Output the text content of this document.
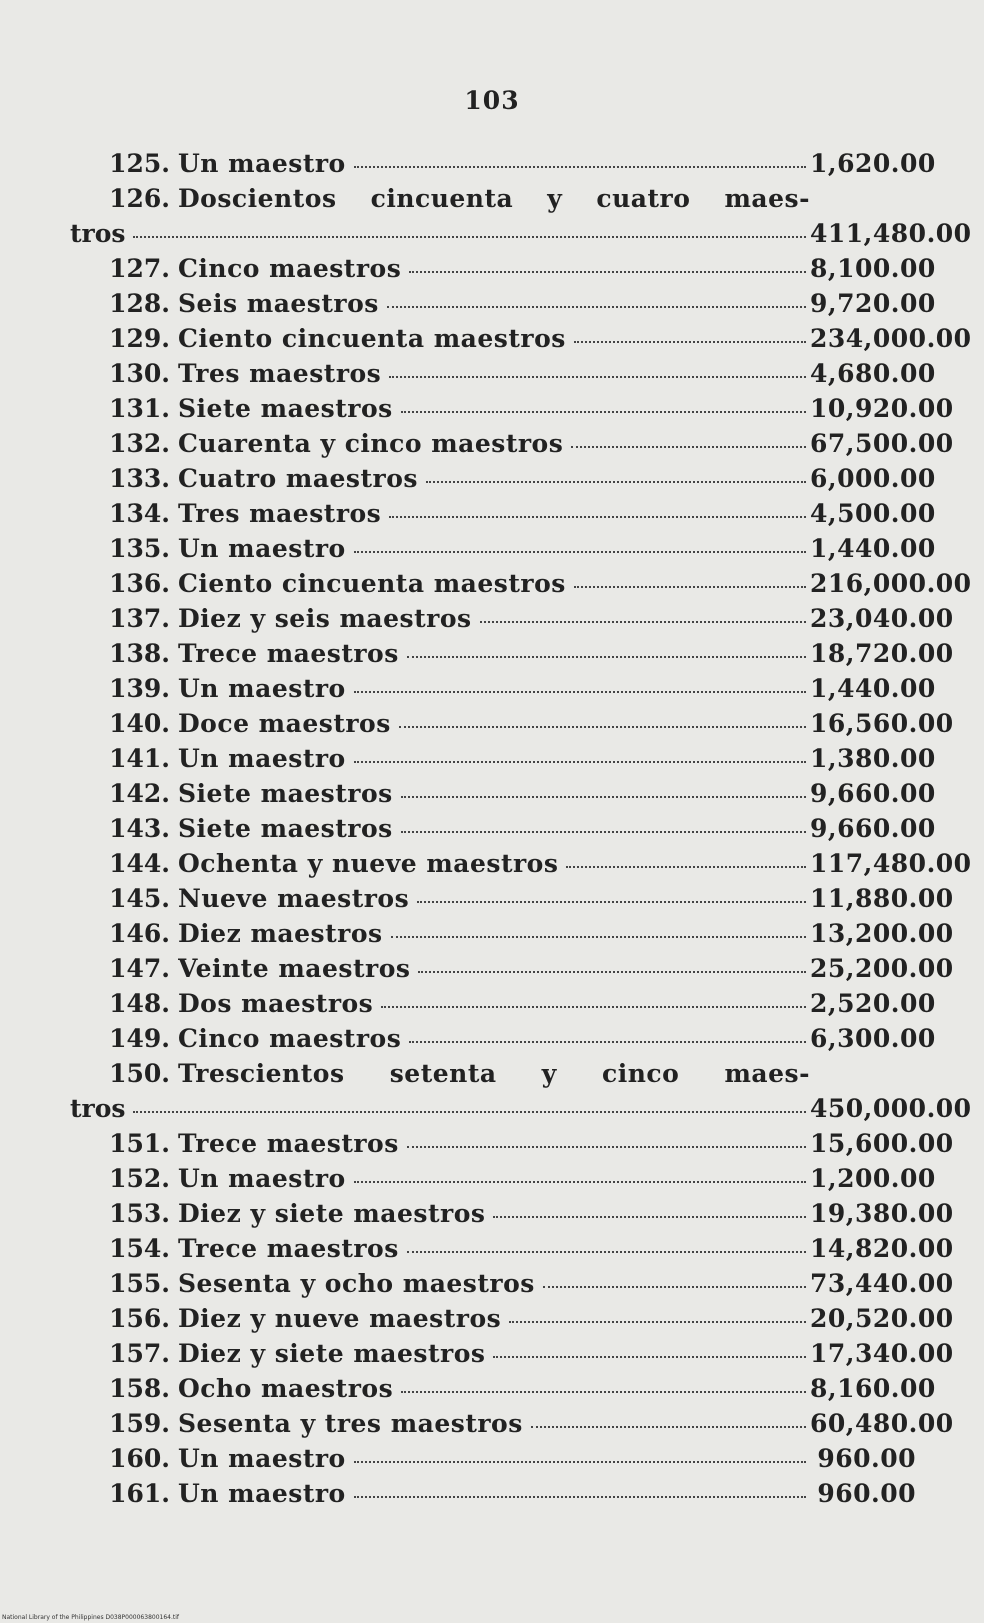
103
125. Un maestro	1,620.00
126. Doscientos cincuenta y cuatro maes-
tros	411,480.00
127. Cinco maestros	8,100.00
128. Seis maestros	9,720.00
129. Ciento cincuenta maestros	234,000.00
130. Tres maestros	4,680.00
131. Siete maestros	10,920.00
132. Cuarenta y cinco maestros	67,500.00
133. Cuatro maestros	6,000.00
134. Tres maestros	4,500.00
135. Un maestro	1,440.00
136. Ciento cincuenta maestros	216,000.00
137. Diez y seis maestros	23,040.00
138. Trece maestros	18,720.00
139. Un maestro	1,440.00
140. Doce maestros	16,560.00
141. Un maestro	1,380.00
142. Siete maestros	9,660.00
143. Siete maestros	9,660.00
144. Ochenta y nueve maestros	117,480.00
145. Nueve maestros	11,880.00
146. Diez maestros	13,200.00
147. Veinte maestros	25,200.00
148. Dos maestros	2,520.00
149. Cinco maestros	6,300.00
150. Trescientos setenta y cinco maes-
tros	450,000.00
151. Trece maestros	15,600.00
152. Un maestro	1,200.00
153. Diez y siete maestros	19,380.00
154. Trece maestros	14,820.00
155. Sesenta y ocho maestros	73,440.00
156. Diez y nueve maestros	20,520.00
157. Diez y siete maestros	17,340.00
158. Ocho maestros	8,160.00
159. Sesenta y tres maestros	60,480.00
160. Un maestro	960.00
161. Un maestro	960.00
National Library of the Philippines D038P000063800164.tif
